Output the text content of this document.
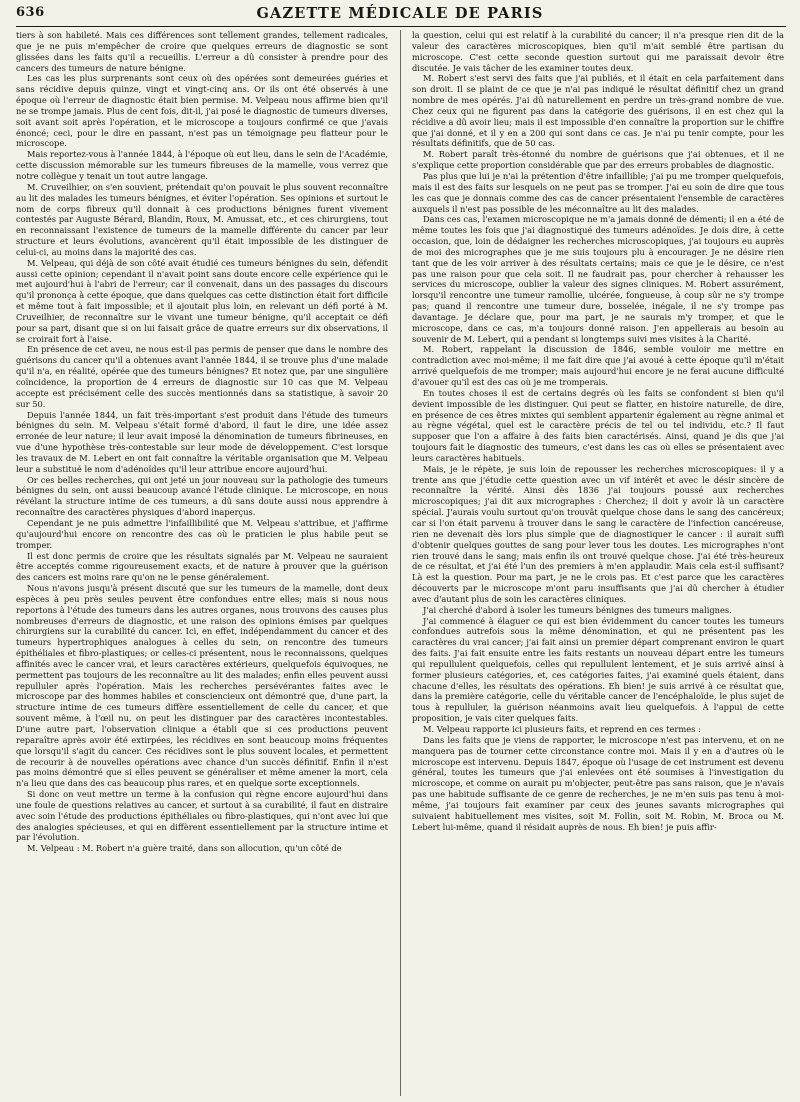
636	GAZETTE MÉDICALE DE PARIS

tiers à son habileté. Mais ces différences sont tellement grandes, tellement radicales, que je ne puis m'empêcher de croire que quelques erreurs de diagnostic se sont glissées dans les faits qu'il a recueillis. L'erreur a dû consister à prendre pour des cancers des tumeurs de nature bénigne.

Les cas les plus surprenants sont ceux où des opérées sont demeurées guéries et sans récidive depuis quinze, vingt et vingt-cinq ans. Or ils ont été observés à une époque où l'erreur de diagnostic était bien permise. M. Velpeau nous affirme bien qu'il ne se trompe jamais. Plus de cent fois, dit-il, j'ai posé le diagnostic de tumeurs diverses, soit avant soit après l'opération, et le microscope a toujours confirmé ce que j'avais énoncé; ceci, pour le dire en passant, n'est pas un témoignage peu flatteur pour le microscope.

Mais reportez-vous à l'année 1844, à l'époque où eut lieu, dans le sein de l'Académie, cette discussion mémorable sur les tumeurs fibreuses de la mamelle, vous verrez que notre collègue y tenait un tout autre langage.

M. Cruveilhier, on s'en souvient, prétendait qu'on pouvait le plus souvent reconnaître au lit des malades les tumeurs bénignes, et éviter l'opération. Ses opinions et surtout le nom de corps fibreux qu'il donnait à ces productions bénignes furent vivement contestés par Auguste Bérard, Blandin, Roux, M. Amussat, etc., et ces chirurgiens, tout en reconnaissant l'existence de tumeurs de la mamelle différente du cancer par leur structure et leurs évolutions, avancèrent qu'il était impossible de les distinguer de celui-ci, au moins dans la majorité des cas.

M. Velpeau, qui déjà de son côté avait étudié ces tumeurs bénignes du sein, défendit aussi cette opinion; cependant il n'avait point sans doute encore celle expérience qui le met aujourd'hui à l'abri de l'erreur; car il convenait, dans un des passages du discours qu'il prononça à cette époque, que dans quelques cas cette distinction était fort difficile et même tout à fait impossible; et il ajoutait plus loin, en relevant un défi porté à M. Cruveilhier, de reconnaître sur le vivant une tumeur bénigne, qu'il acceptait ce défi pour sa part, disant que si on lui faisait grâce de quatre erreurs sur dix observations, il se croirait fort à l'aise.

En présence de cet aveu, ne nous est-il pas permis de penser que dans le nombre des guérisons du cancer qu'il a obtenues avant l'année 1844, il se trouve plus d'une malade qu'il n'a, en réalité, opérée que des tumeurs bénignes? Et notez que, par une singulière coïncidence, la proportion de 4 erreurs de diagnostic sur 10 cas que M. Velpeau accepte est précisément celle des succès mentionnés dans sa statistique, à savoir 20 sur 50.

Depuis l'année 1844, un fait très-important s'est produit dans l'étude des tumeurs bénignes du sein. M. Velpeau s'était formé d'abord, il faut le dire, une idée assez erronée de leur nature; il leur avait imposé la dénomination de tumeurs fibrineuses, en vue d'une hypothèse très-contestable sur leur mode de développement. C'est lorsque les travaux de M. Lebert en ont fait connaître la véritable organisation que M. Velpeau leur a substitué le nom d'adénoïdes qu'il leur attribue encore aujourd'hui.

Or ces belles recherches, qui ont jeté un jour nouveau sur la pathologie des tumeurs bénignes du sein, ont aussi beaucoup avancé l'étude clinique. Le microscope, en nous révélant la structure intime de ces tumeurs, a dû sans doute aussi nous apprendre à reconnaître des caractères physiques d'abord inaperçus.

Cependant je ne puis admettre l'infaillibilité que M. Velpeau s'attribue, et j'affirme qu'aujourd'hui encore on rencontre des cas où le praticien le plus habile peut se tromper.

Il est donc permis de croire que les résultats signalés par M. Velpeau ne sauraient être acceptés comme rigoureusement exacts, et de nature à prouver que la guérison des cancers est moins rare qu'on ne le pense généralement.

Nous n'avons jusqu'à présent discuté que sur les tumeurs de la mamelle, dont deux espèces à peu près seules peuvent être confondues entre elles; mais si nous nous reportons à l'étude des tumeurs dans les autres organes, nous trouvons des causes plus nombreuses d'erreurs de diagnostic, et une raison des opinions émises par quelques chirurgiens sur la curabilité du cancer. Ici, en effet, indépendamment du cancer et des tumeurs hypertrophiques analogues à celles du sein, on rencontre des tumeurs épithéliales et fibro-plastiques; or celles-ci présentent, nous le reconnaissons, quelques affinités avec le cancer vrai, et leurs caractères extérieurs, quelquefois équivoques, ne permettent pas toujours de les reconnaître au lit des malades; enfin elles peuvent aussi repulluler après l'opération. Mais les recherches persévérantes faites avec le microscope par des hommes habiles et consciencieux ont démontré que, d'une part, la structure intime de ces tumeurs diffère essentiellement de celle du cancer, et que souvent même, à l'œil nu, on peut les distinguer par des caractères incontestables. D'une autre part, l'observation clinique a établi que si ces productions peuvent reparaître après avoir été extirpées, les récidives en sont beaucoup moins fréquentes que lorsqu'il s'agit du cancer. Ces récidives sont le plus souvent locales, et permettent de recourir à de nouvelles opérations avec chance d'un succès définitif. Enfin il n'est pas moins démontré que si elles peuvent se généraliser et même amener la mort, cela n'a lieu que dans des cas beaucoup plus rares, et en quelque sorte exceptionnels.

Si donc on veut mettre un terme à la confusion qui règne encore aujourd'hui dans une foule de questions relatives au cancer, et surtout à sa curabilité, il faut en distraire avec soin l'étude des productions épithéliales ou fibro-plastiques, qui n'ont avec lui que des analogies spécieuses, et qui en diffèrent essentiellement par la structure intime et par l'évolution.

M. Velpeau : M. Robert n'a guère traité, dans son allocution, qu'un côté de

la question, celui qui est relatif à la curabilité du cancer; il n'a presque rien dit de la valeur des caractères microscopiques, bien qu'il m'ait semblé être partisan du microscope. C'est cette seconde question surtout qui me paraissait devoir être discutée. Je vais tâcher de les examiner toutes deux.

M. Robert s'est servi des faits que j'ai publiés, et il était en cela parfaitement dans son droit. Il se plaint de ce que je n'ai pas indiqué le résultat définitif chez un grand nombre de mes opérés. J'ai dû naturellement en perdre un très-grand nombre de vue. Chez ceux qui ne figurent pas dans la catégorie des guérisons, il en est chez qui la récidive a dû avoir lieu; mais il est impossible d'en connaître la proportion sur le chiffre que j'ai donné, et il y en a 200 qui sont dans ce cas. Je n'ai pu tenir compte, pour les résultats définitifs, que de 50 cas.

M. Robert paraît très-étonné du nombre de guérisons que j'ai obtenues, et il ne s'explique cette proportion considérable que par des erreurs probables de diagnostic.

Pas plus que lui je n'ai la prétention d'être infaillible; j'ai pu me tromper quelquefois, mais il est des faits sur lesquels on ne peut pas se tromper. J'ai eu soin de dire que tous les cas que je donnais comme des cas de cancer présentaient l'ensemble de caractères auxquels il n'est pas possible de les méconnaître au lit des malades.

Dans ces cas, l'examen microscopique ne m'a jamais donné de démenti; il en a été de même toutes les fois que j'ai diagnostiqué des tumeurs adénoïdes. Je dois dire, à cette occasion, que, loin de dédaigner les recherches microscopiques, j'ai toujours eu auprès de moi des micrographes que je me suis toujours plu à encourager. Je ne désire rien tant que de les voir arriver à des résultats certains; mais ce que je le désire, ce n'est pas une raison pour que cela soit. Il ne faudrait pas, pour chercher à rehausser les services du microscope, oublier la valeur des signes cliniques. M. Robert assurément, lorsqu'il rencontre une tumeur ramollie, ulcérée, fongueuse, à coup sûr ne s'y trompe pas; quand il rencontre une tumeur dure, bosselée, inégale, il ne s'y trompe pas davantage. Je déclare que, pour ma part, je ne saurais m'y tromper, et que le microscope, dans ce cas, m'a toujours donné raison. J'en appellerais au besoin au souvenir de M. Lebert, qui a pendant si longtemps suivi mes visites à la Charité.

M. Robert, rappelant la discussion de 1846, semble vouloir me mettre en contradiction avec moi-même; il me fait dire que j'ai avoué à cette époque qu'il m'était arrivé quelquefois de me tromper; mais aujourd'hui encore je ne ferai aucune difficulté d'avouer qu'il est des cas où je me tromperais.

En toutes choses il est de certains degrés où les faits se confondent si bien qu'il devient impossible de les distinguer. Qui peut se flatter, en histoire naturelle, de dire, en présence de ces êtres mixtes qui semblent appartenir également au règne animal et au règne végétal, quel est le caractère précis de tel ou tel individu, etc.? Il faut supposer que l'on a affaire à des faits bien caractérisés. Ainsi, quand je dis que j'ai toujours fait le diagnostic des tumeurs, c'est dans les cas où elles se présentaient avec leurs caractères habituels.

Mais, je le répète, je suis loin de repousser les recherches microscopiques: il y a trente ans que j'étudie cette question avec un vif intérêt et avec le désir sincère de reconnaître la vérité. Ainsi dès 1836 j'ai toujours poussé aux recherches microscopiques; j'ai dit aux micrographes : Cherchez; il doit y avoir là un caractère spécial. J'aurais voulu surtout qu'on trouvât quelque chose dans le sang des cancéreux; car si l'on était parvenu à trouver dans le sang le caractère de l'infection cancéreuse, rien ne devenait dès lors plus simple que de diagnostiquer le cancer : il aurait suffi d'obtenir quelques gouttes de sang pour lever tous les doutes. Les micrographes n'ont rien trouvé dans le sang; mais enfin ils ont trouvé quelque chose. J'ai été très-heureux de ce résultat, et j'ai été l'un des premiers à m'en applaudir. Mais cela est-il suffisant? Là est la question. Pour ma part, je ne le crois pas. Et c'est parce que les caractères découverts par le microscope m'ont paru insuffisants que j'ai dû chercher à étudier avec d'autant plus de soin les caractères cliniques.

J'ai cherché d'abord à isoler les tumeurs bénignes des tumeurs malignes.

J'ai commencé à élaguer ce qui est bien évidemment du cancer toutes les tumeurs confondues autrefois sous la même dénomination, et qui ne présentent pas les caractères du vrai cancer; j'ai fait ainsi un premier départ comprenant environ le quart des faits. J'ai fait ensuite entre les faits restants un nouveau départ entre les tumeurs qui repullulent quelquefois, celles qui repullulent lentement, et je suis arrivé ainsi à former plusieurs catégories, et, ces catégories faites, j'ai examiné quels étaient, dans chacune d'elles, les résultats des opérations. Eh bien! je suis arrivé à ce résultat que, dans la première catégorie, celle du véritable cancer de l'encéphaloïde, le plus sujet de tous à repulluler, la guérison néanmoins avait lieu quelquefois. À l'appui de cette proposition, je vais citer quelques faits.

M. Velpeau rapporte ici plusieurs faits, et reprend en ces termes :

Dans les faits que je viens de rapporter, le microscope n'est pas intervenu, et on ne manquera pas de tourner cette circonstance contre moi. Mais il y en a d'autres où le microscope est intervenu. Depuis 1847, époque où l'usage de cet instrument est devenu général, toutes les tumeurs que j'ai enlevées ont été soumises à l'investigation du microscope, et comme on aurait pu m'objecter, peut-être pas sans raison, que je n'avais pas une habitude suffisante de ce genre de recherches, je ne m'en suis pas tenu à moi-même, j'ai toujours fait examiner par ceux des jeunes savants micrographes qui suivaient habituellement mes visites, soit M. Follin, soit M. Robin, M. Broca ou M. Lebert lui-même, quand il résidait auprès de nous. Eh bien! je puis affir-
